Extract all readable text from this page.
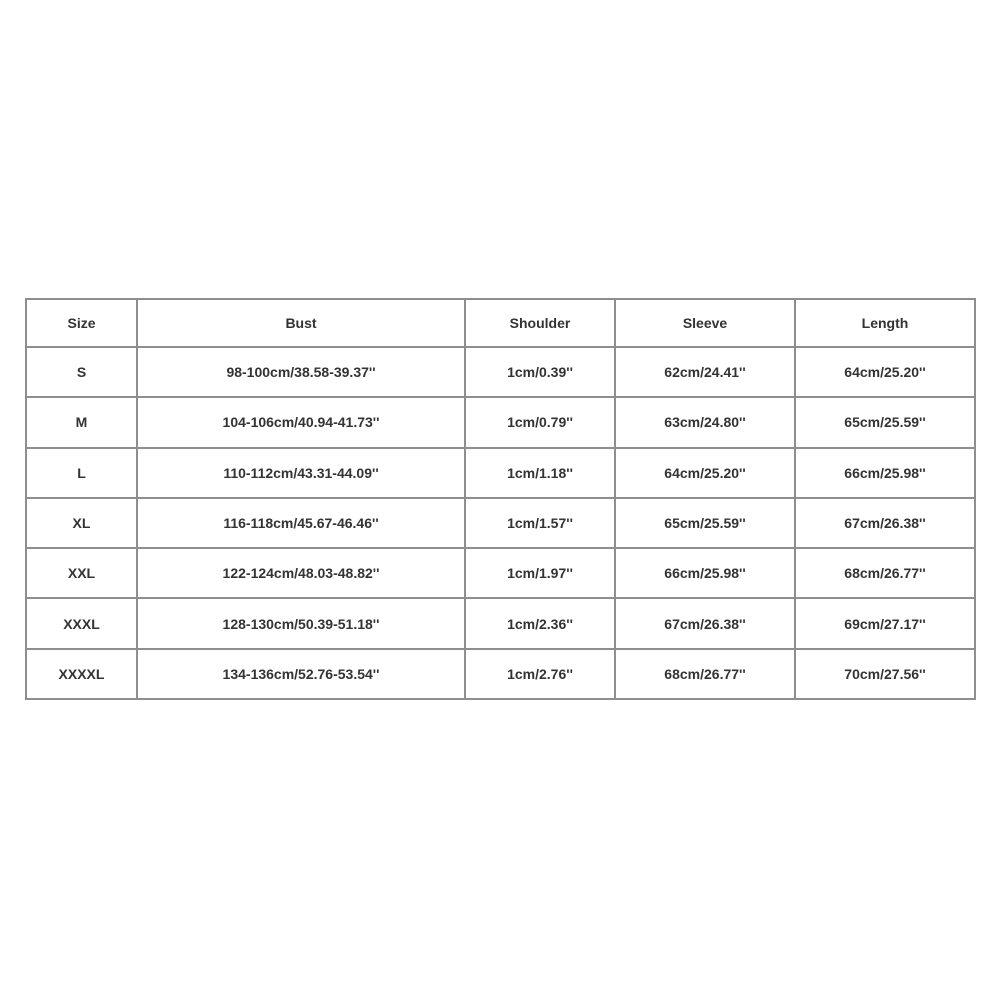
Size	Bust	Shoulder	Sleeve	Length
S	98-100cm/38.58-39.37''	1cm/0.39''	62cm/24.41''	64cm/25.20''
M	104-106cm/40.94-41.73''	1cm/0.79''	63cm/24.80''	65cm/25.59''
L	110-112cm/43.31-44.09''	1cm/1.18''	64cm/25.20''	66cm/25.98''
XL	116-118cm/45.67-46.46''	1cm/1.57''	65cm/25.59''	67cm/26.38''
XXL	122-124cm/48.03-48.82''	1cm/1.97''	66cm/25.98''	68cm/26.77''
XXXL	128-130cm/50.39-51.18''	1cm/2.36''	67cm/26.38''	69cm/27.17''
XXXXL	134-136cm/52.76-53.54''	1cm/2.76''	68cm/26.77''	70cm/27.56''
